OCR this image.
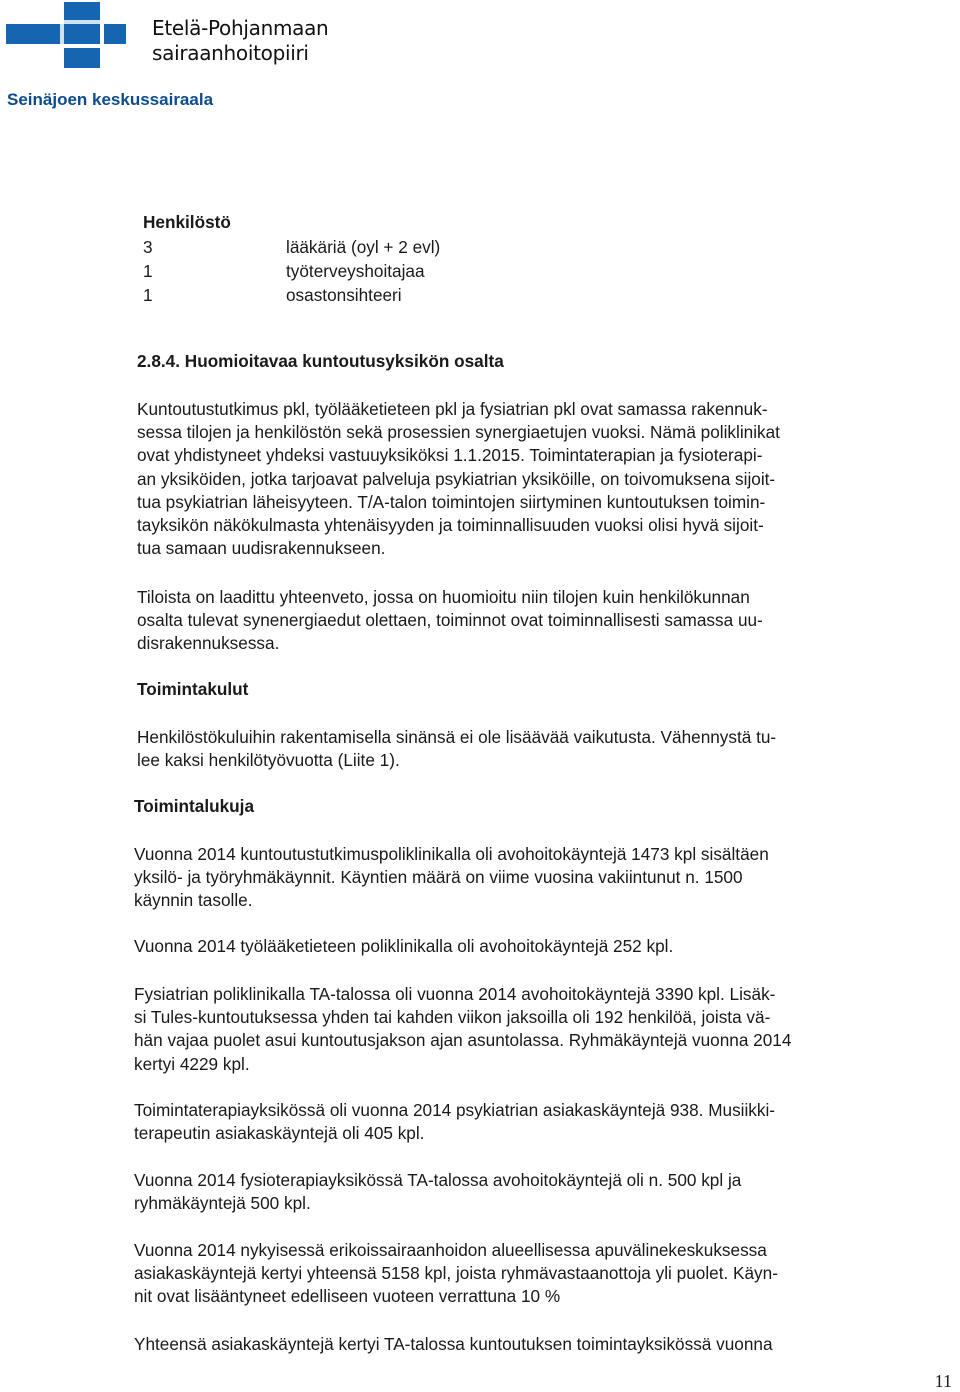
Etelä-Pohjanmaan
sairaanhoitopiiri
Seinäjoen keskussairaala
Henkilöstö
3	lääkäriä (oyl + 2 evl)
1	työterveyshoitajaa
1	osastonsihteeri
2.8.4. Huomioitavaa kuntoutusyksikön osalta
Kuntoutustutkimus pkl, työlääketieteen pkl ja fysiatrian pkl ovat samassa rakennuk-
sessa tilojen ja henkilöstön sekä prosessien synergiaetujen vuoksi. Nämä poliklinikat
ovat yhdistyneet yhdeksi vastuuyksiköksi 1.1.2015. Toimintaterapian ja fysioterapi-
an yksiköiden, jotka tarjoavat palveluja psykiatrian yksiköille, on toivomuksena sijoit-
tua psykiatrian läheisyyteen. T/A-talon toimintojen siirtyminen kuntoutuksen toimin-
tayksikön näkökulmasta yhtenäisyyden ja toiminnallisuuden vuoksi olisi hyvä sijoit-
tua samaan uudisrakennukseen.
Tiloista on laadittu yhteenveto, jossa on huomioitu niin tilojen kuin henkilökunnan
osalta tulevat synenergiaedut olettaen, toiminnot ovat toiminnallisesti samassa uu-
disrakennuksessa.
Toimintakulut
Henkilöstökuluihin rakentamisella sinänsä ei ole lisäävää vaikutusta. Vähennystä tu-
lee kaksi henkilötyövuotta (Liite 1).
Toimintalukuja
Vuonna 2014 kuntoutustutkimuspoliklinikalla oli avohoitokäyntejä 1473 kpl sisältäen
yksilö- ja työryhmäkäynnit. Käyntien määrä on viime vuosina vakiintunut n. 1500
käynnin tasolle.
Vuonna 2014 työlääketieteen poliklinikalla oli avohoitokäyntejä 252 kpl.
Fysiatrian poliklinikalla TA-talossa oli vuonna 2014 avohoitokäyntejä 3390 kpl. Lisäk-
si Tules-kuntoutuksessa yhden tai kahden viikon jaksoilla oli 192 henkilöä, joista vä-
hän vajaa puolet asui kuntoutusjakson ajan asuntolassa. Ryhmäkäyntejä vuonna 2014
kertyi 4229 kpl.
Toimintaterapiayksikössä oli vuonna 2014 psykiatrian asiakaskäyntejä 938. Musiikki-
terapeutin asiakaskäyntejä oli 405 kpl.
Vuonna 2014 fysioterapiayksikössä TA-talossa avohoitokäyntejä oli n. 500 kpl ja
ryhmäkäyntejä 500 kpl.
Vuonna 2014 nykyisessä erikoissairaanhoidon alueellisessa apuvälinekeskuksessa
asiakaskäyntejä kertyi yhteensä 5158 kpl, joista ryhmävastaanottoja yli puolet. Käyn-
nit ovat lisääntyneet edelliseen vuoteen verrattuna 10 %
Yhteensä asiakaskäyntejä kertyi TA-talossa kuntoutuksen toimintayksikössä vuonna
11
